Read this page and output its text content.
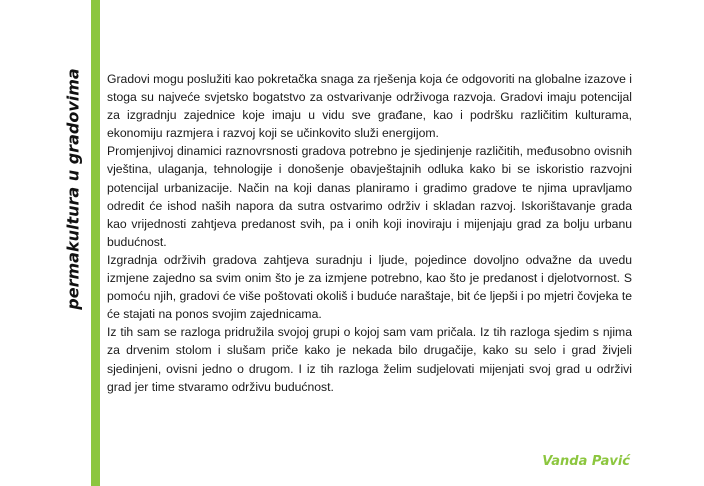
permakultura u gradovima Gradovi mogu poslužiti kao pokretačka snaga za rješenja koja će odgovoriti na globalne izazove i stoga su najveće svjetsko bogatstvo za ostvarivanje održivoga razvoja. Gradovi imaju potencijal za izgradnju zajednice koje imaju u vidu sve građane, kao i podršku različitim kulturama, ekonomiju razmjera i razvoj koji se učinkovito služi energijom.

Promjenjivoj dinamici raznovrsnosti gradova potrebno je sjedinjenje različitih, međusobno ovisnih vještina, ulaganja, tehnologije i donošenje obavještajnih odluka kako bi se iskoristio razvojni potencijal urbanizacije. Način na koji danas planiramo i gradimo gradove te njima upravljamo odredit će ishod naših napora da sutra ostvarimo održiv i skladan razvoj. Iskorištavanje grada kao vrijednosti zahtjeva predanost svih, pa i onih koji inoviraju i mijenjaju grad za bolju urbanu budućnost.

Izgradnja održivih gradova zahtjeva suradnju i ljude, pojedince dovoljno odvažne da uvedu izmjene zajedno sa svim onim što je za izmjene potrebno, kao što je predanost i djelotvornost. S pomoću njih, gradovi će više poštovati okoliš i buduće naraštaje, bit će ljepši i po mjetri čovjeka te će stajati na ponos svojim zajednicama.

Iz tih sam se razloga pridružila svojoj grupi o kojoj sam vam pričala. Iz tih razloga sjedim s njima za drvenim stolom i slušam priče kako je nekada bilo drugačije, kako su selo i grad živjeli sjedinjeni, ovisni jedno o drugom. I iz tih razloga želim sudjelovati mijenjati svoj grad u održivi grad jer time stvaramo održivu budućnost.

Vanda Pavić
